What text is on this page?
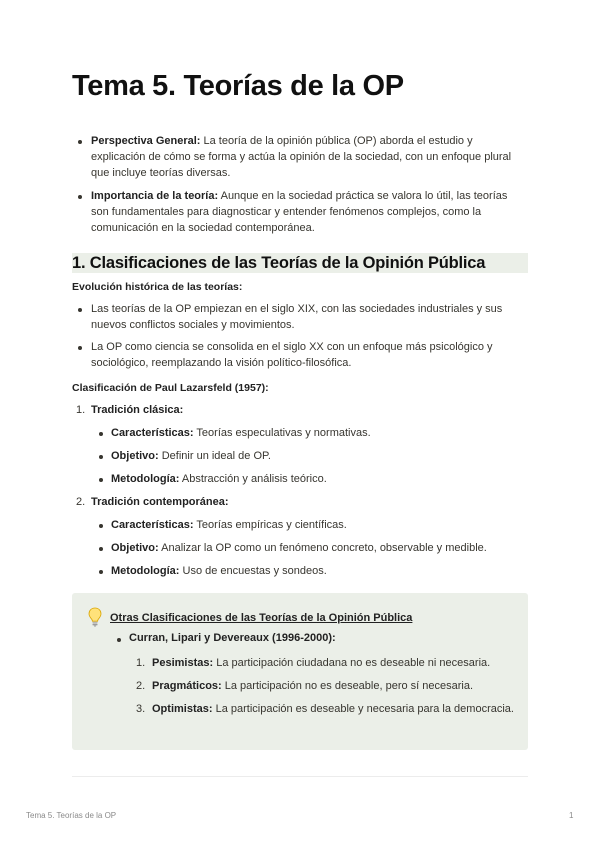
Tema 5. Teorías de la OP
Perspectiva General: La teoría de la opinión pública (OP) aborda el estudio y explicación de cómo se forma y actúa la opinión de la sociedad, con un enfoque plural que incluye teorías diversas.
Importancia de la teoría: Aunque en la sociedad práctica se valora lo útil, las teorías son fundamentales para diagnosticar y entender fenómenos complejos, como la comunicación en la sociedad contemporánea.
1. Clasificaciones de las Teorías de la Opinión Pública
Evolución histórica de las teorías:
Las teorías de la OP empiezan en el siglo XIX, con las sociedades industriales y sus nuevos conflictos sociales y movimientos.
La OP como ciencia se consolida en el siglo XX con un enfoque más psicológico y sociológico, reemplazando la visión político-filosófica.
Clasificación de Paul Lazarsfeld (1957):
1. Tradición clásica:
Características: Teorías especulativas y normativas.
Objetivo: Definir un ideal de OP.
Metodología: Abstracción y análisis teórico.
2. Tradición contemporánea:
Características: Teorías empíricas y científicas.
Objetivo: Analizar la OP como un fenómeno concreto, observable y medible.
Metodología: Uso de encuestas y sondeos.
Otras Clasificaciones de las Teorías de la Opinión Pública
Curran, Lipari y Devereaux (1996-2000):
1. Pesimistas: La participación ciudadana no es deseable ni necesaria.
2. Pragmáticos: La participación no es deseable, pero sí necesaria.
3. Optimistas: La participación es deseable y necesaria para la democracia.
Tema 5. Teorías de la OP	1
